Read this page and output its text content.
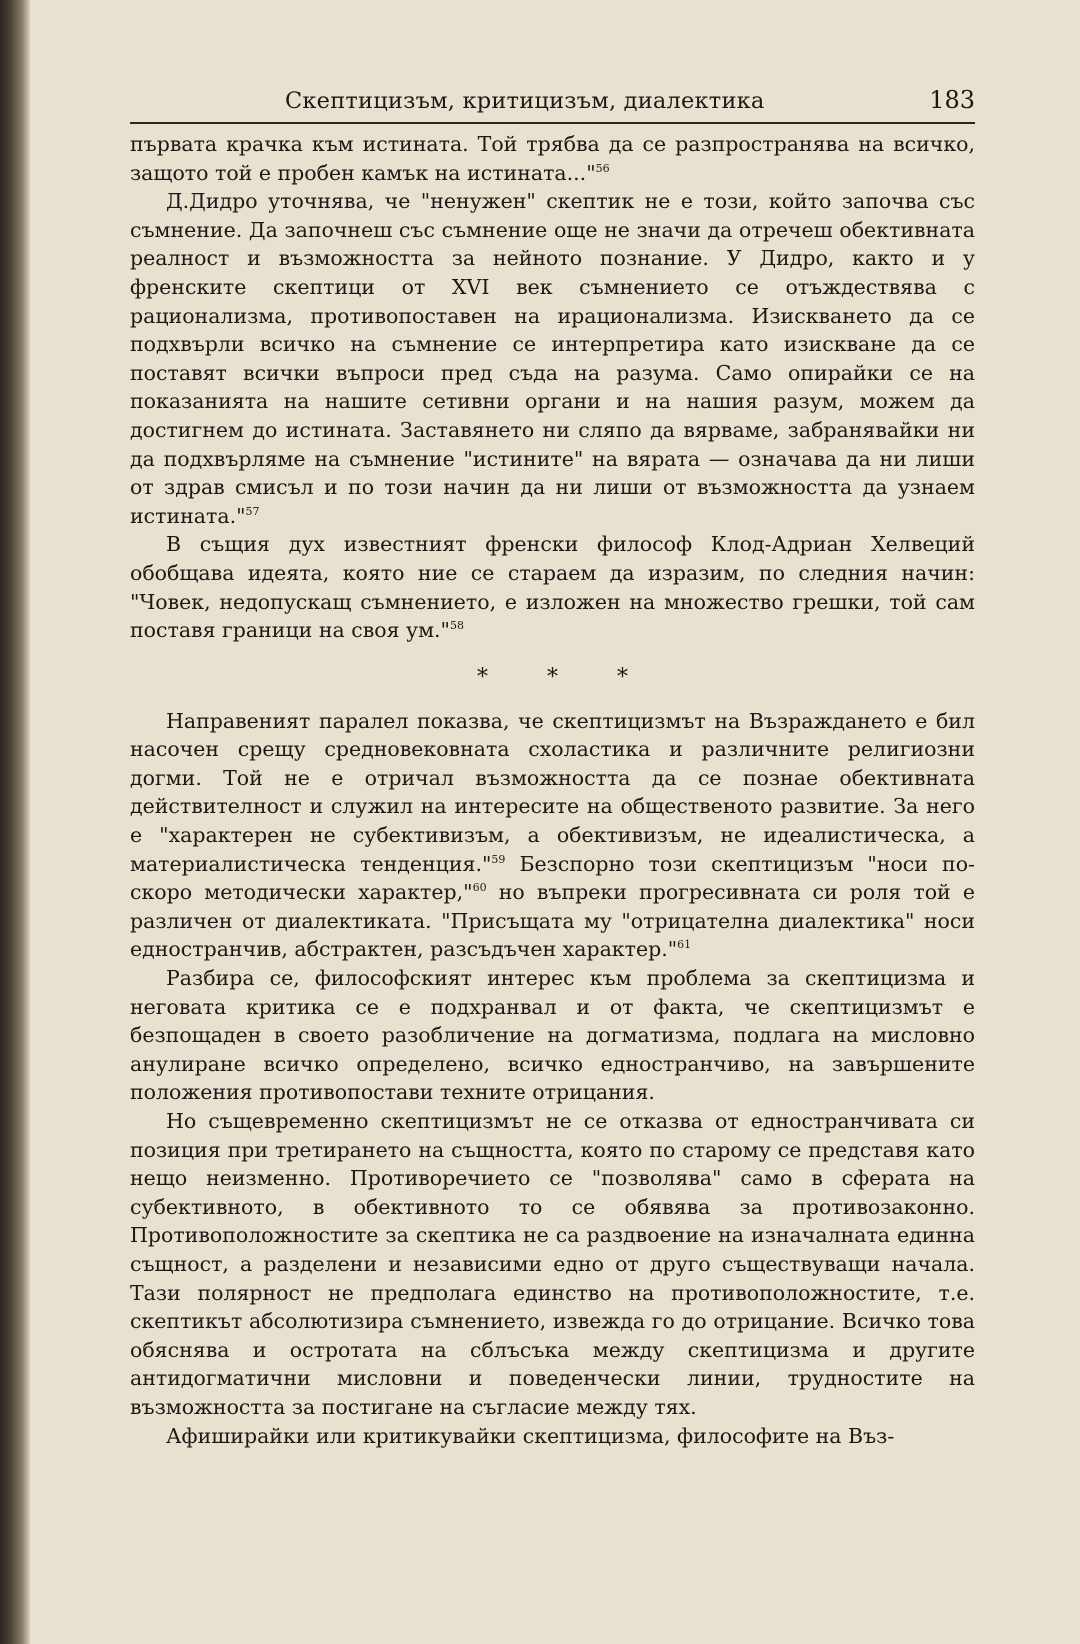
Скептицизъм, критицизъм, диалектика	183

първата крачка към истината. Той трябва да се разпространява на всичко, защото той е пробен камък на истината..."$^{56}$

Д.Дидро уточнява, че "ненужен" скептик не е този, който започва със съмнение. Да започнеш със съмнение още не значи да отречеш обективната реалност и възможността за нейното познание. У Дидро, както и у френските скептици от XVI век съмнението се отъждествява с рационализма, противопоставен на ирационализма. Изискването да се подхвърли всичко на съмнение се интерпретира като изискване да се поставят всички въпроси пред съда на разума. Само опирайки се на показанията на нашите сетивни органи и на нашия разум, можем да достигнем до истината. Заставянето ни сляпо да вярваме, забранявайки ни да подхвърляме на съмнение "истините" на вярата — означава да ни лиши от здрав смисъл и по този начин да ни лиши от възможността да узнаем истината."$^{57}$

В същия дух известният френски философ Клод-Адриан Хелвеций обобщава идеята, която ние се стараем да изразим, по следния начин: "Човек, недопускащ съмнението, е изложен на множество грешки, той сам поставя граници на своя ум."$^{58}$

* * *

Направеният паралел показва, че скептицизмът на Възраждането е бил насочен срещу средновековната схоластика и различните религиозни догми. Той не е отричал възможността да се познае обективната действителност и служил на интересите на общественото развитие. За него е "характерен не субективизъм, а обективизъм, не идеалистическа, а материалистическа тенденция."$^{59}$ Безспорно този скептицизъм "носи по-скоро методически характер,"$^{60}$ но въпреки прогресивната си роля той е различен от диалектиката. "Присъщата му "отрицателна диалектика" носи едностранчив, абстрактен, разсъдъчен характер."$^{61}$

Разбира се, философският интерес към проблема за скептицизма и неговата критика се е подхранвал и от факта, че скептицизмът е безпощаден в своето разобличение на догматизма, подлага на мисловно анулиране всичко определено, всичко едностранчиво, на завършените положения противопостави техните отрицания.

Но същевременно скептицизмът не се отказва от едностранчивата си позиция при третирането на същността, която по старому се представя като нещо неизменно. Противоречието се "позволява" само в сферата на субективното, в обективното то се обявява за противозаконно. Противоположностите за скептика не са раздвоение на изначалната единна същност, а разделени и независими едно от друго съществуващи начала. Тази полярност не предполага единство на противоположностите, т.е. скептикът абсолютизира съмнението, извежда го до отрицание. Всичко това обяснява и остротата на сблъсъка между скептицизма и другите антидогматични мисловни и поведенчески линии, трудностите на възможността за постигане на съгласие между тях.

Афиширайки или критикувайки скептицизма, философите на Въз-
